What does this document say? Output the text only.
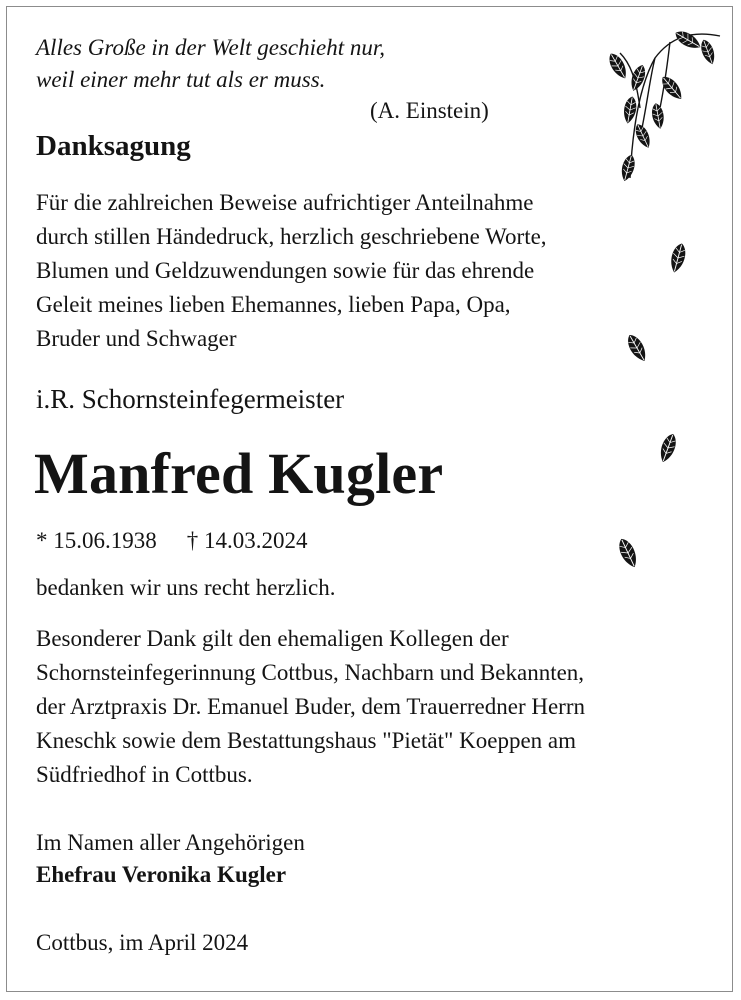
Alles Große in der Welt geschieht nur,
weil einer mehr tut als er muss.
(A. Einstein)
Danksagung
Für die zahlreichen Beweise aufrichtiger Anteilnahme
durch stillen Händedruck, herzlich geschriebene Worte,
Blumen und Geldzuwendungen sowie für das ehrende
Geleit meines lieben Ehemannes, lieben Papa, Opa,
Bruder und Schwager
i.R. Schornsteinfegermeister
Manfred Kugler
* 15.06.1938 † 14.03.2024
bedanken wir uns recht herzlich.
Besonderer Dank gilt den ehemaligen Kollegen der
Schornsteinfegerinnung Cottbus, Nachbarn und Bekannten,
der Arztpraxis Dr. Emanuel Buder, dem Trauerredner Herrn
Kneschk sowie dem Bestattungshaus "Pietät" Koeppen am
Südfriedhof in Cottbus.
Im Namen aller Angehörigen
Ehefrau Veronika Kugler
Cottbus, im April 2024
